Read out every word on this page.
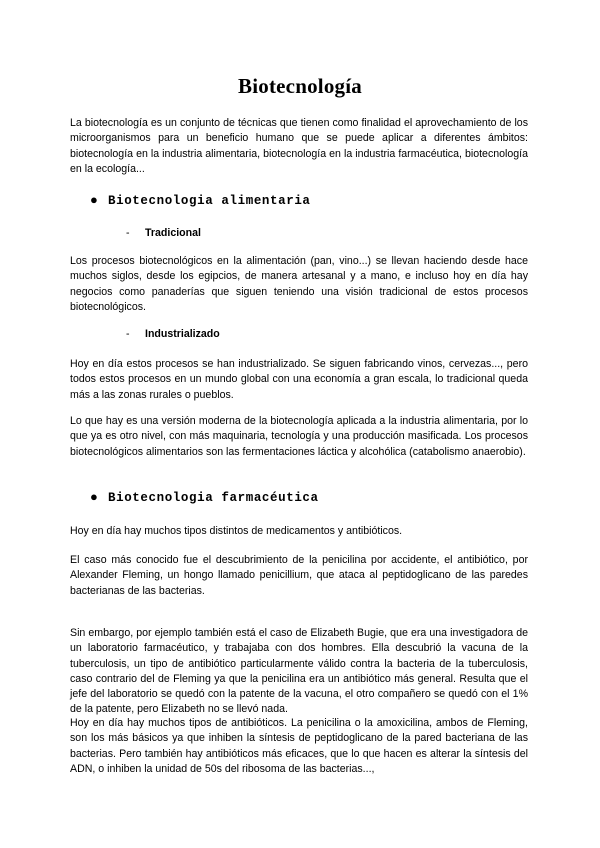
Biotecnología

La biotecnología es un conjunto de técnicas que tienen como finalidad el aprovechamiento de los microorganismos para un beneficio humano que se puede aplicar a diferentes ámbitos: biotecnología en la industria alimentaria, biotecnología en la industria farmacéutica, biotecnología en la ecología...

● Biotecnologia alimentaria
- Tradicional

Los procesos biotecnológicos en la alimentación (pan, vino...) se llevan haciendo desde hace muchos siglos, desde los egipcios, de manera artesanal y a mano, e incluso hoy en día hay negocios como panaderías que siguen teniendo una visión tradicional de estos procesos biotecnológicos.

- Industrializado

Hoy en día estos procesos se han industrializado. Se siguen fabricando vinos, cervezas..., pero todos estos procesos en un mundo global con una economía a gran escala, lo tradicional queda más a las zonas rurales o pueblos.

Lo que hay es una versión moderna de la biotecnología aplicada a la industria alimentaria, por lo que ya es otro nivel, con más maquinaria, tecnología y una producción masificada. Los procesos biotecnológicos alimentarios son las fermentaciones láctica y alcohólica (catabolismo anaerobio).

● Biotecnologia farmacéutica

Hoy en día hay muchos tipos distintos de medicamentos y antibióticos.

El caso más conocido fue el descubrimiento de la penicilina por accidente, el antibiótico, por Alexander Fleming, un hongo llamado penicillium, que ataca al peptidoglicano de las paredes bacterianas de las bacterias.

Sin embargo, por ejemplo también está el caso de Elizabeth Bugie, que era una investigadora de un laboratorio farmacéutico, y trabajaba con dos hombres. Ella descubrió la vacuna de la tuberculosis, un tipo de antibiótico particularmente válido contra la bacteria de la tuberculosis, caso contrario del de Fleming ya que la penicilina era un antibiótico más general. Resulta que el jefe del laboratorio se quedó con la patente de la vacuna, el otro compañero se quedó con el 1% de la patente, pero Elizabeth no se llevó nada.

Hoy en día hay muchos tipos de antibióticos. La penicilina o la amoxicilina, ambos de Fleming, son los más básicos ya que inhiben la síntesis de peptidoglicano de la pared bacteriana de las bacterias. Pero también hay antibióticos más eficaces, que lo que hacen es alterar la síntesis del ADN, o inhiben la unidad de 50s del ribosoma de las bacterias...,
